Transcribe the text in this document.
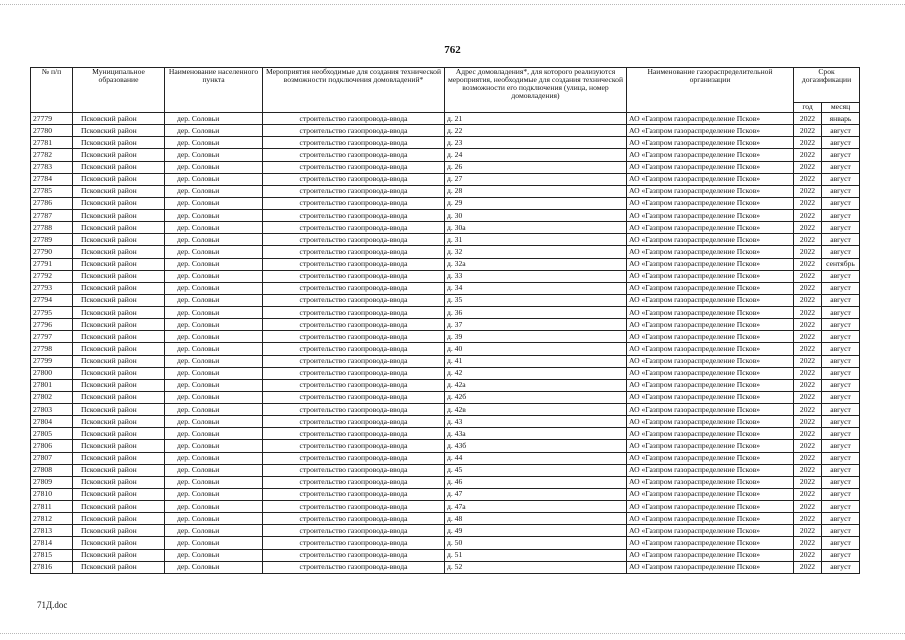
762
№ п/п	Муниципальное образование	Наименование населенного пункта	Мероприятия необходимые для создания технической возможности подключения домовладений*	Адрес домовладения*, для которого реализуются мероприятия, необходимые для создания технической возможности его подключения (улица, номер домовладения)	Наименование газораспределительной организации	Срок догазификации	
						год	месяц
27779	Псковский район	дер. Соловьи	строительство газопровода-ввода	д. 21	АО «Газпром газораспределение Псков»	2022	январь
27780	Псковский район	дер. Соловьи	строительство газопровода-ввода	д. 22	АО «Газпром газораспределение Псков»	2022	август
27781	Псковский район	дер. Соловьи	строительство газопровода-ввода	д. 23	АО «Газпром газораспределение Псков»	2022	август
27782	Псковский район	дер. Соловьи	строительство газопровода-ввода	д. 24	АО «Газпром газораспределение Псков»	2022	август
27783	Псковский район	дер. Соловьи	строительство газопровода-ввода	д. 26	АО «Газпром газораспределение Псков»	2022	август
27784	Псковский район	дер. Соловьи	строительство газопровода-ввода	д. 27	АО «Газпром газораспределение Псков»	2022	август
27785	Псковский район	дер. Соловьи	строительство газопровода-ввода	д. 28	АО «Газпром газораспределение Псков»	2022	август
27786	Псковский район	дер. Соловьи	строительство газопровода-ввода	д. 29	АО «Газпром газораспределение Псков»	2022	август
27787	Псковский район	дер. Соловьи	строительство газопровода-ввода	д. 30	АО «Газпром газораспределение Псков»	2022	август
27788	Псковский район	дер. Соловьи	строительство газопровода-ввода	д. 30а	АО «Газпром газораспределение Псков»	2022	август
27789	Псковский район	дер. Соловьи	строительство газопровода-ввода	д. 31	АО «Газпром газораспределение Псков»	2022	август
27790	Псковский район	дер. Соловьи	строительство газопровода-ввода	д. 32	АО «Газпром газораспределение Псков»	2022	август
27791	Псковский район	дер. Соловьи	строительство газопровода-ввода	д. 32а	АО «Газпром газораспределение Псков»	2022	сентябрь
27792	Псковский район	дер. Соловьи	строительство газопровода-ввода	д. 33	АО «Газпром газораспределение Псков»	2022	август
27793	Псковский район	дер. Соловьи	строительство газопровода-ввода	д. 34	АО «Газпром газораспределение Псков»	2022	август
27794	Псковский район	дер. Соловьи	строительство газопровода-ввода	д. 35	АО «Газпром газораспределение Псков»	2022	август
27795	Псковский район	дер. Соловьи	строительство газопровода-ввода	д. 36	АО «Газпром газораспределение Псков»	2022	август
27796	Псковский район	дер. Соловьи	строительство газопровода-ввода	д. 37	АО «Газпром газораспределение Псков»	2022	август
27797	Псковский район	дер. Соловьи	строительство газопровода-ввода	д. 39	АО «Газпром газораспределение Псков»	2022	август
27798	Псковский район	дер. Соловьи	строительство газопровода-ввода	д. 40	АО «Газпром газораспределение Псков»	2022	август
27799	Псковский район	дер. Соловьи	строительство газопровода-ввода	д. 41	АО «Газпром газораспределение Псков»	2022	август
27800	Псковский район	дер. Соловьи	строительство газопровода-ввода	д. 42	АО «Газпром газораспределение Псков»	2022	август
27801	Псковский район	дер. Соловьи	строительство газопровода-ввода	д. 42а	АО «Газпром газораспределение Псков»	2022	август
27802	Псковский район	дер. Соловьи	строительство газопровода-ввода	д. 42б	АО «Газпром газораспределение Псков»	2022	август
27803	Псковский район	дер. Соловьи	строительство газопровода-ввода	д. 42в	АО «Газпром газораспределение Псков»	2022	август
27804	Псковский район	дер. Соловьи	строительство газопровода-ввода	д. 43	АО «Газпром газораспределение Псков»	2022	август
27805	Псковский район	дер. Соловьи	строительство газопровода-ввода	д. 43а	АО «Газпром газораспределение Псков»	2022	август
27806	Псковский район	дер. Соловьи	строительство газопровода-ввода	д. 43б	АО «Газпром газораспределение Псков»	2022	август
27807	Псковский район	дер. Соловьи	строительство газопровода-ввода	д. 44	АО «Газпром газораспределение Псков»	2022	август
27808	Псковский район	дер. Соловьи	строительство газопровода-ввода	д. 45	АО «Газпром газораспределение Псков»	2022	август
27809	Псковский район	дер. Соловьи	строительство газопровода-ввода	д. 46	АО «Газпром газораспределение Псков»	2022	август
27810	Псковский район	дер. Соловьи	строительство газопровода-ввода	д. 47	АО «Газпром газораспределение Псков»	2022	август
27811	Псковский район	дер. Соловьи	строительство газопровода-ввода	д. 47а	АО «Газпром газораспределение Псков»	2022	август
27812	Псковский район	дер. Соловьи	строительство газопровода-ввода	д. 48	АО «Газпром газораспределение Псков»	2022	август
27813	Псковский район	дер. Соловьи	строительство газопровода-ввода	д. 49	АО «Газпром газораспределение Псков»	2022	август
27814	Псковский район	дер. Соловьи	строительство газопровода-ввода	д. 50	АО «Газпром газораспределение Псков»	2022	август
27815	Псковский район	дер. Соловьи	строительство газопровода-ввода	д. 51	АО «Газпром газораспределение Псков»	2022	август
27816	Псковский район	дер. Соловьи	строительство газопровода-ввода	д. 52	АО «Газпром газораспределение Псков»	2022	август
71Д.doc
